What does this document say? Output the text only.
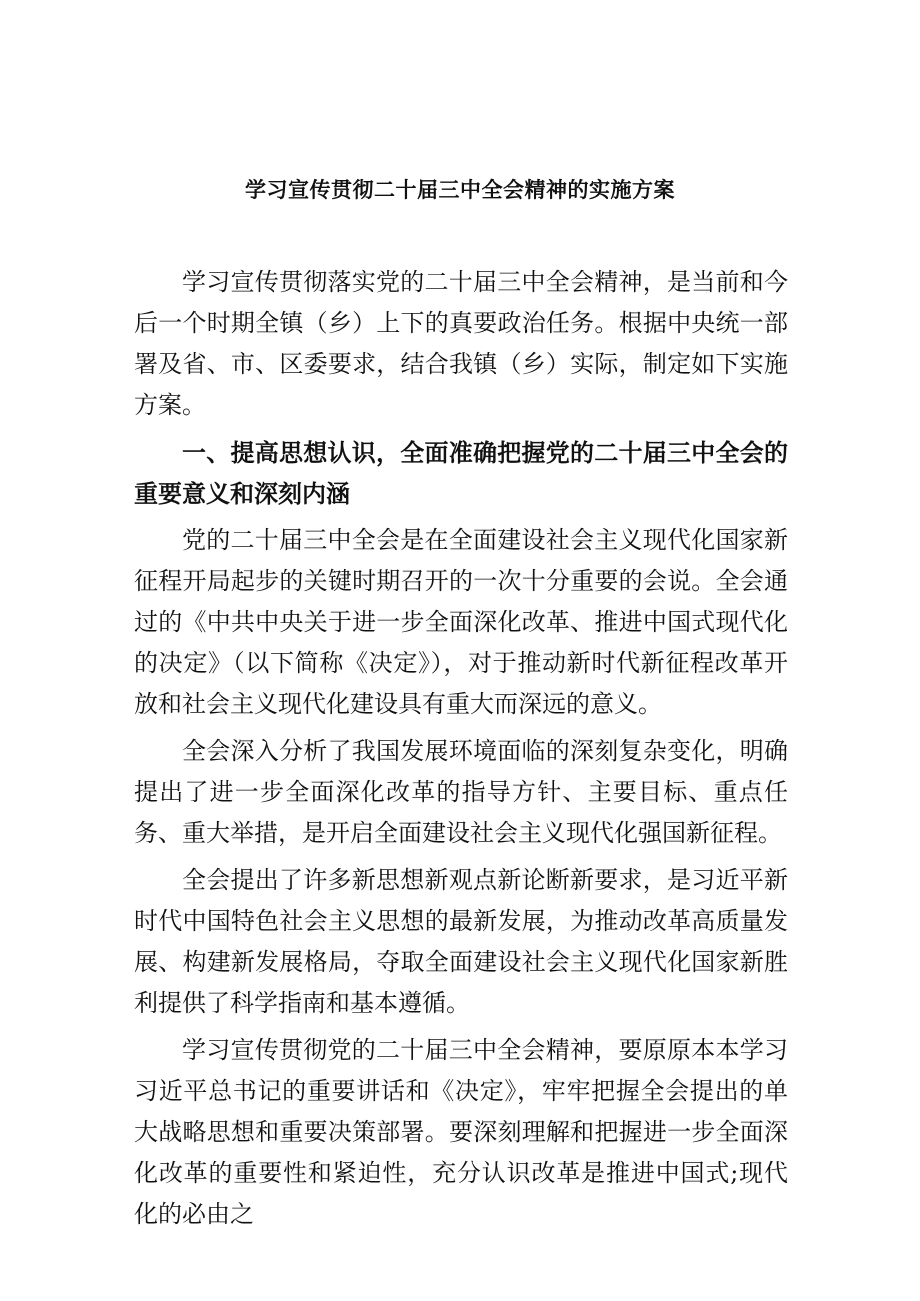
学习宣传贯彻二十届三中全会精神的实施方案

学习宣传贯彻落实党的二十届三中全会精神，是当前和今后一个时期全镇（乡）上下的真要政治任务。根据中央统一部署及省、市、区委要求，结合我镇（乡）实际，制定如下实施方案。

一、提高思想认识，全面准确把握党的二十届三中全会的重要意义和深刻内涵

党的二十届三中全会是在全面建设社会主义现代化国家新征程开局起步的关键时期召开的一次十分重要的会说。全会通过的《中共中央关于进一步全面深化改革、推进中国式现代化的决定》（以下简称《决定》），对于推动新时代新征程改革开放和社会主义现代化建设具有重大而深远的意义。

全会深入分析了我国发展环境面临的深刻复杂变化，明确提出了进一步全面深化改革的指导方针、主要目标、重点任务、重大举措，是开启全面建设社会主义现代化强国新征程。

全会提出了许多新思想新观点新论断新要求，是习近平新时代中国特色社会主义思想的最新发展，为推动改革高质量发展、构建新发展格局，夺取全面建设社会主义现代化国家新胜利提供了科学指南和基本遵循。

学习宣传贯彻党的二十届三中全会精神，要原原本本学习习近平总书记的重要讲话和《决定》，牢牢把握全会提出的单大战略思想和重要决策部署。要深刻理解和把握进一步全面深化改革的重要性和紧迫性，充分认识改革是推进中国式;现代化的必由之
